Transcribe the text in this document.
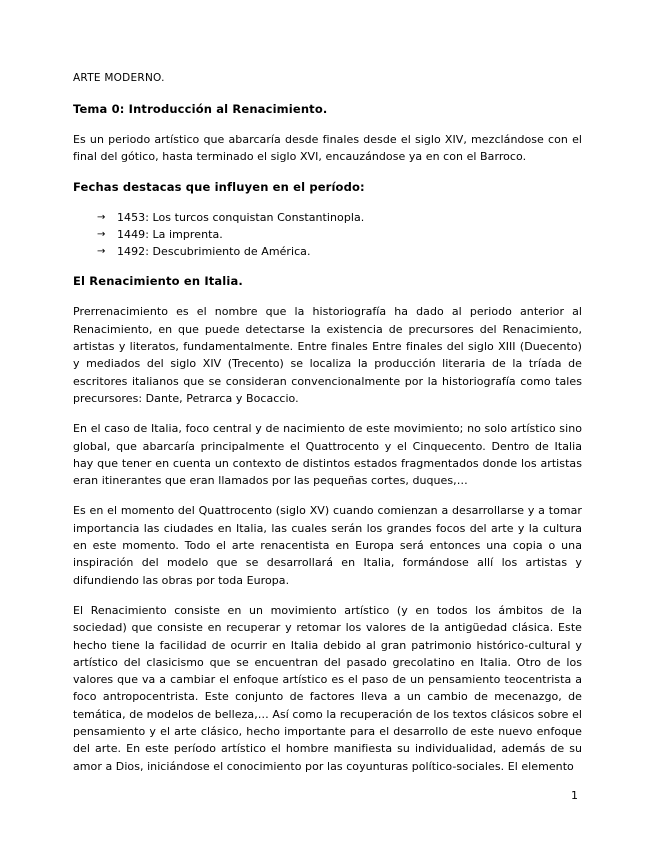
ARTE MODERNO.

Tema 0: Introducción al Renacimiento.

Es un periodo artístico que abarcaría desde finales desde el siglo XIV, mezclándose con el final del gótico, hasta terminado el siglo XVI, encauzándose ya en con el Barroco.

Fechas destacas que influyen en el período:

→ 1453: Los turcos conquistan Constantinopla.
→ 1449: La imprenta.
→ 1492: Descubrimiento de América.

El Renacimiento en Italia.

Prerrenacimiento es el nombre que la historiografía ha dado al periodo anterior al Renacimiento, en que puede detectarse la existencia de precursores del Renacimiento, artistas y literatos, fundamentalmente. Entre finales Entre finales del siglo XIII (Duecento) y mediados del siglo XIV (Trecento) se localiza la producción literaria de la tríada de escritores italianos que se consideran convencionalmente por la historiografía como tales precursores: Dante, Petrarca y Bocaccio.

En el caso de Italia, foco central y de nacimiento de este movimiento; no solo artístico sino global, que abarcaría principalmente el Quattrocento y el Cinquecento. Dentro de Italia hay que tener en cuenta un contexto de distintos estados fragmentados donde los artistas eran itinerantes que eran llamados por las pequeñas cortes, duques,…

Es en el momento del Quattrocento (siglo XV) cuando comienzan a desarrollarse y a tomar importancia las ciudades en Italia, las cuales serán los grandes focos del arte y la cultura en este momento. Todo el arte renacentista en Europa será entonces una copia o una inspiración del modelo que se desarrollará en Italia, formándose allí los artistas y difundiendo las obras por toda Europa.

El Renacimiento consiste en un movimiento artístico (y en todos los ámbitos de la sociedad) que consiste en recuperar y retomar los valores de la antigüedad clásica. Este hecho tiene la facilidad de ocurrir en Italia debido al gran patrimonio histórico-cultural y artístico del clasicismo que se encuentran del pasado grecolatino en Italia. Otro de los valores que va a cambiar el enfoque artístico es el paso de un pensamiento teocentrista a foco antropocentrista. Este conjunto de factores lleva a un cambio de mecenazgo, de temática, de modelos de belleza,… Así como la recuperación de los textos clásicos sobre el pensamiento y el arte clásico, hecho importante para el desarrollo de este nuevo enfoque del arte. En este período artístico el hombre manifiesta su individualidad, además de su amor a Dios, iniciándose el conocimiento por las coyunturas político-sociales. El elemento

1
